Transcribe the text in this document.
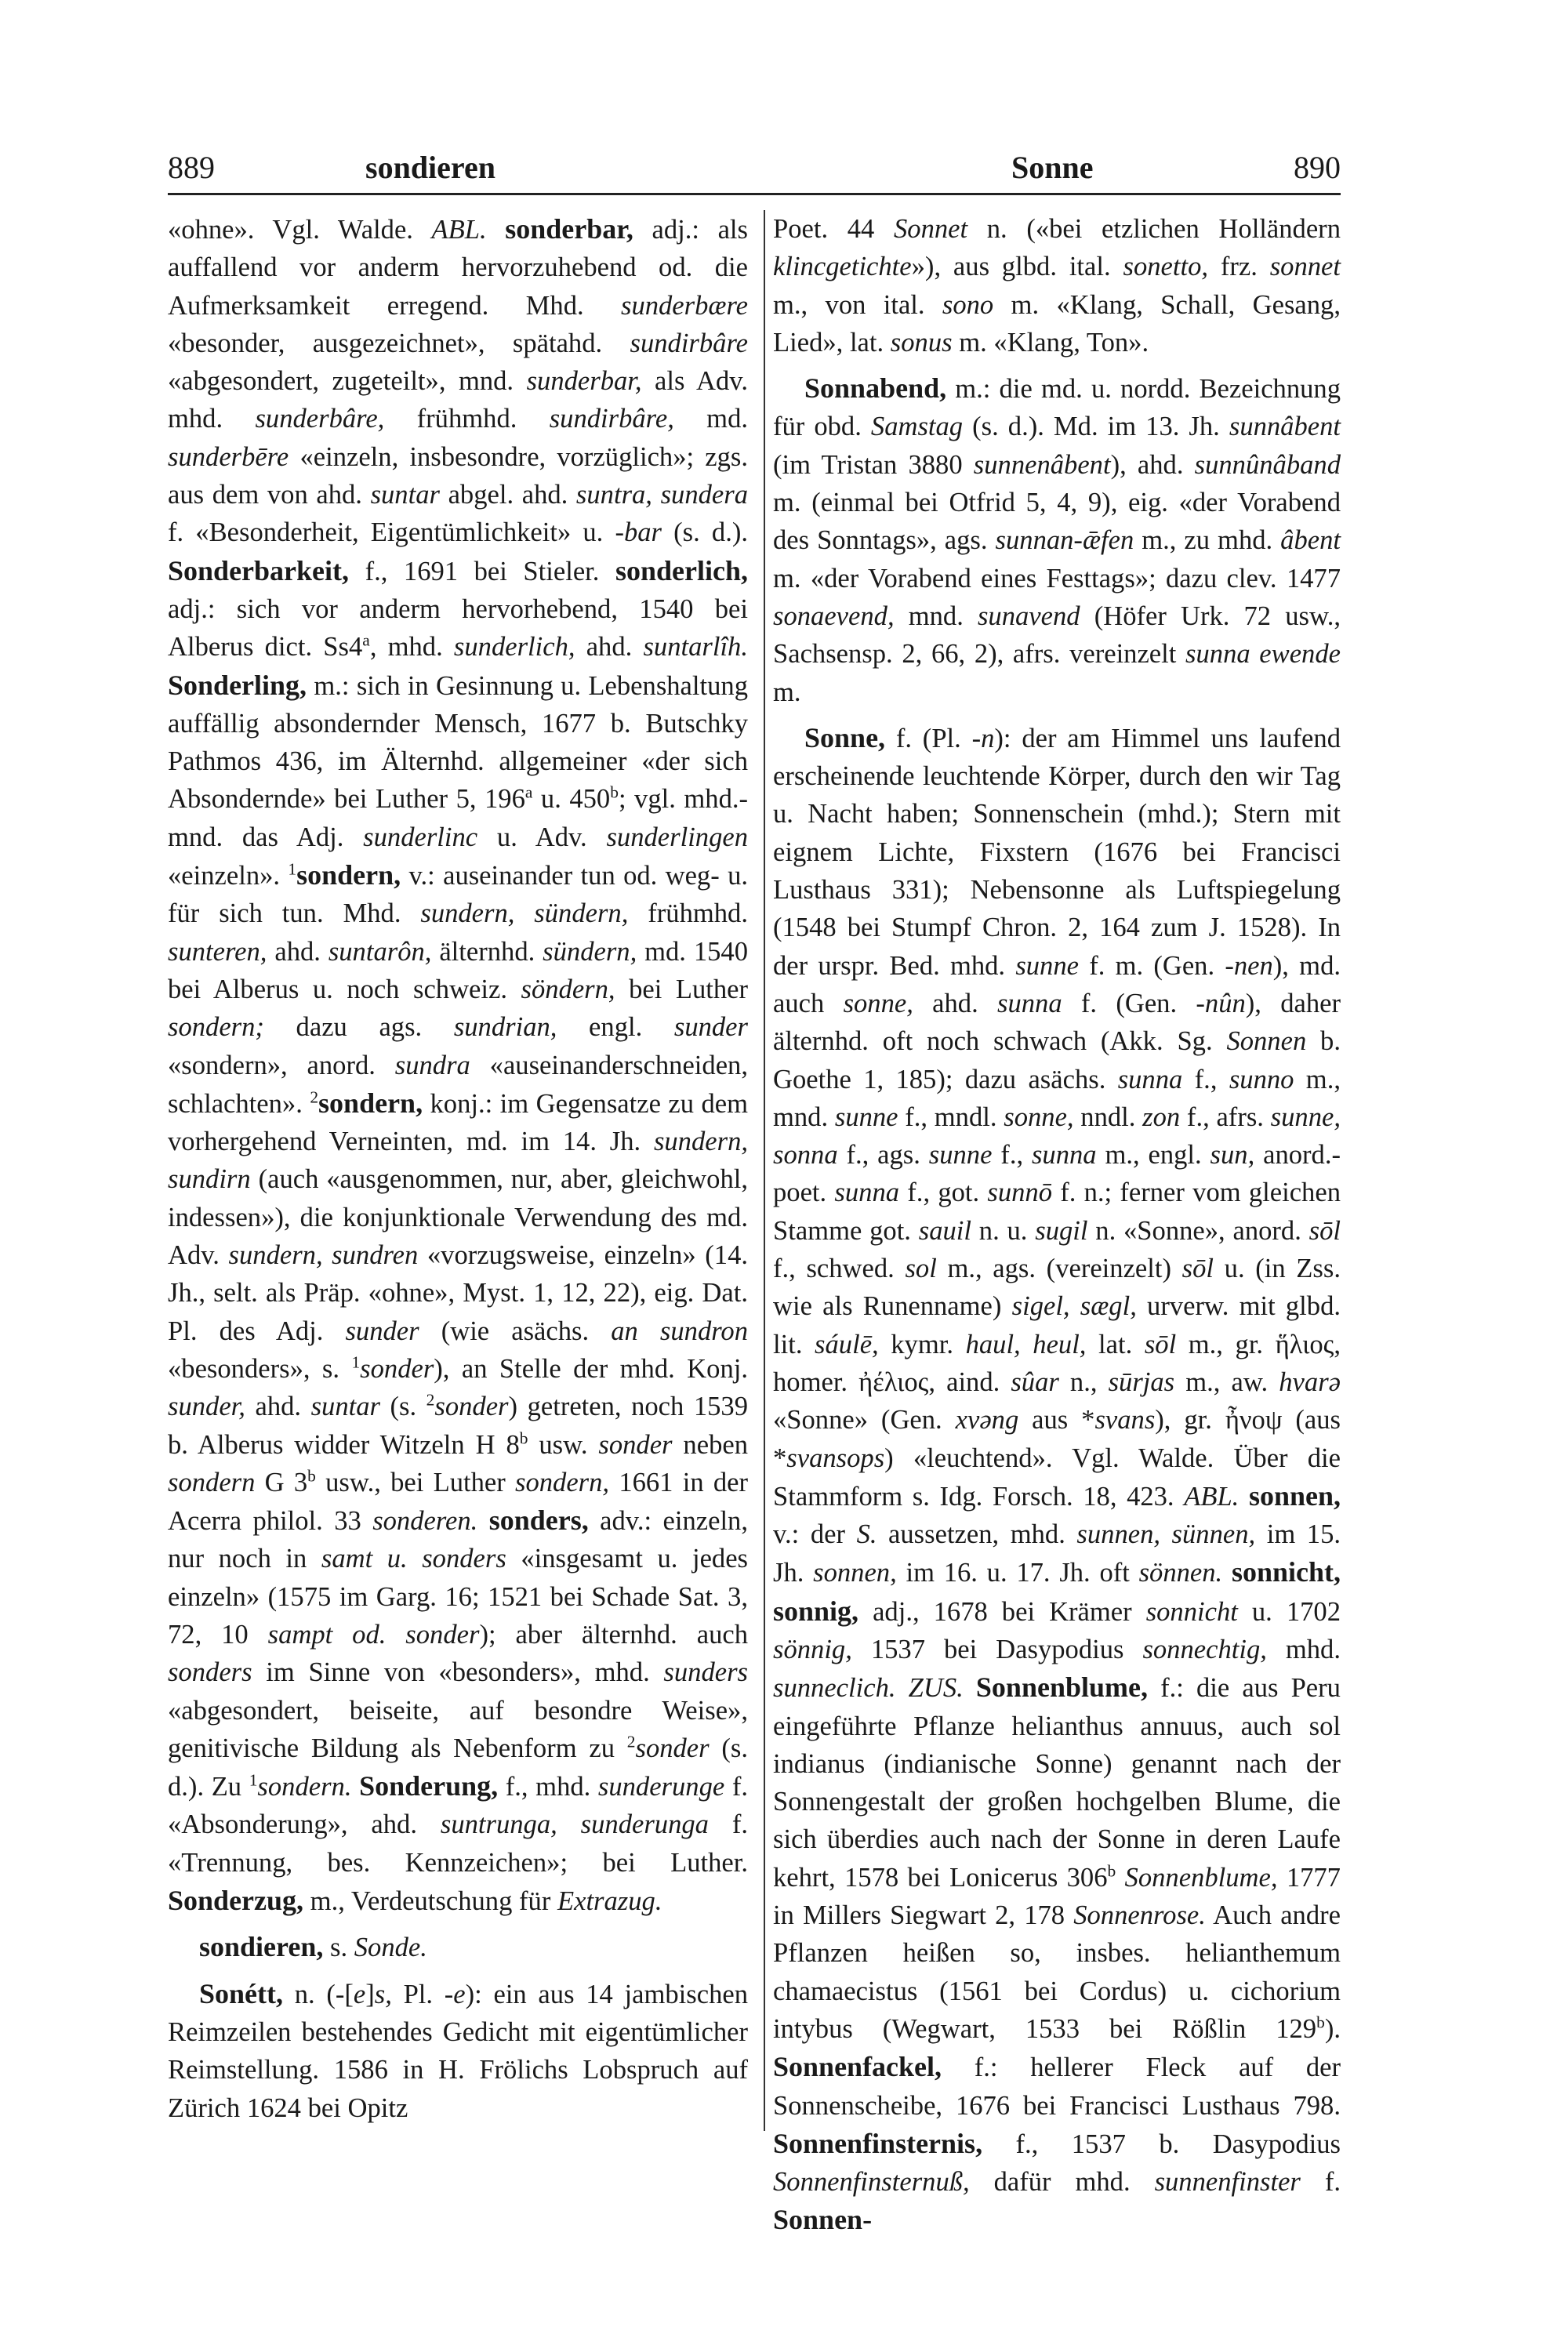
889	sondieren	Sonne	890

«ohne». Vgl. Walde. ABL. sonderbar, adj.: als auffallend vor anderm hervorzuhebend od. die Aufmerksamkeit erregend. Mhd. sunderbære «besonder, ausgezeichnet», spätahd. sundirbâre «abgesondert, zugeteilt», mnd. sunderbar, als Adv. mhd. sunderbâre, frühmhd. sundirbâre, md. sunderbēre «einzeln, insbesondre, vorzüglich»; zgs. aus dem von ahd. suntar abgel. ahd. suntra, sundera f. «Besonderheit, Eigentümlichkeit» u. -bar (s. d.). Sonderbarkeit, f., 1691 bei Stieler. sonderlich, adj.: sich vor anderm hervorhebend, 1540 bei Alberus dict. Ss4$^a$, mhd. sunderlich, ahd. suntarlîh. Sonderling, m.: sich in Gesinnung u. Lebenshaltung auffällig absondernder Mensch, 1677 b. Butschky Pathmos 436, im Älternhd. allgemeiner «der sich Absondernde» bei Luther 5, 196$^a$ u. 450$^b$; vgl. mhd.-mnd. das Adj. sunderlinc u. Adv. sunderlingen «einzeln». $^1$sondern, v.: auseinander tun od. weg- u. für sich tun. Mhd. sundern, sündern, frühmhd. sunteren, ahd. suntarôn, älternhd. sündern, md. 1540 bei Alberus u. noch schweiz. söndern, bei Luther sondern; dazu ags. sundrian, engl. sunder «sondern», anord. sundra «auseinanderschneiden, schlachten». $^2$sondern, konj.: im Gegensatze zu dem vorhergehend Verneinten, md. im 14. Jh. sundern, sundirn (auch «ausgenommen, nur, aber, gleichwohl, indessen»), die konjunktionale Verwendung des md. Adv. sundern, sundren «vorzugsweise, einzeln» (14. Jh., selt. als Präp. «ohne», Myst. 1, 12, 22), eig. Dat. Pl. des Adj. sunder (wie asächs. an sundron «besonders», s. $^1$sonder), an Stelle der mhd. Konj. sunder, ahd. suntar (s. $^2$sonder) getreten, noch 1539 b. Alberus widder Witzeln H 8$^b$ usw. sonder neben sondern G 3$^b$ usw., bei Luther sondern, 1661 in der Acerra philol. 33 sonderen. sonders, adv.: einzeln, nur noch in samt u. sonders «insgesamt u. jedes einzeln» (1575 im Garg. 16; 1521 bei Schade Sat. 3, 72, 10 sampt od. sonder); aber älternhd. auch sonders im Sinne von «besonders», mhd. sunders «abgesondert, beiseite, auf besondre Weise», genitivische Bildung als Nebenform zu $^2$sonder (s. d.). Zu $^1$sondern. Sonderung, f., mhd. sunderunge f. «Absonderung», ahd. suntrunga, sunderunga f. «Trennung, bes. Kennzeichen»; bei Luther. Sonderzug, m., Verdeutschung für Extrazug.

sondieren, s. Sonde.

Sonétt, n. (-[e]s, Pl. -e): ein aus 14 jambischen Reimzeilen bestehendes Gedicht mit eigentümlicher Reimstellung. 1586 in H. Frölichs Lobspruch auf Zürich 1624 bei Opitz

Poet. 44 Sonnet n. («bei etzlichen Holländern klincgetichte»), aus glbd. ital. sonetto, frz. sonnet m., von ital. sono m. «Klang, Schall, Gesang, Lied», lat. sonus m. «Klang, Ton».

Sonnabend, m.: die md. u. nordd. Bezeichnung für obd. Samstag (s. d.). Md. im 13. Jh. sunnâbent (im Tristan 3880 sunnenâbent), ahd. sunnûnâband m. (einmal bei Otfrid 5, 4, 9), eig. «der Vorabend des Sonntags», ags. sunnan-ǣfen m., zu mhd. âbent m. «der Vorabend eines Festtags»; dazu clev. 1477 sonaevend, mnd. sunavend (Höfer Urk. 72 usw., Sachsensp. 2, 66, 2), afrs. vereinzelt sunna ewende m.

Sonne, f. (Pl. -n): der am Himmel uns laufend erscheinende leuchtende Körper, durch den wir Tag u. Nacht haben; Sonnenschein (mhd.); Stern mit eignem Lichte, Fixstern (1676 bei Francisci Lusthaus 331); Nebensonne als Luftspiegelung (1548 bei Stumpf Chron. 2, 164 zum J. 1528). In der urspr. Bed. mhd. sunne f. m. (Gen. -nen), md. auch sonne, ahd. sunna f. (Gen. -nûn), daher älternhd. oft noch schwach (Akk. Sg. Sonnen b. Goethe 1, 185); dazu asächs. sunna f., sunno m., mnd. sunne f., mndl. sonne, nndl. zon f., afrs. sunne, sonna f., ags. sunne f., sunna m., engl. sun, anord.-poet. sunna f., got. sunnō f. n.; ferner vom gleichen Stamme got. sauil n. u. sugil n. «Sonne», anord. sōl f., schwed. sol m., ags. (vereinzelt) sōl u. (in Zss. wie als Runenname) sigel, sægl, urverw. mit glbd. lit. sáulē, kymr. haul, heul, lat. sōl m., gr. ἥλιος, homer. ἠέλιος, aind. sûar n., sūrjas m., aw. hvarə «Sonne» (Gen. xvəng aus *svans), gr. ἦνοψ (aus *svansops) «leuchtend». Vgl. Walde. Über die Stammform s. Idg. Forsch. 18, 423. ABL. sonnen, v.: der S. aussetzen, mhd. sunnen, sünnen, im 15. Jh. sonnen, im 16. u. 17. Jh. oft sönnen. sonnicht, sonnig, adj., 1678 bei Krämer sonnicht u. 1702 sönnig, 1537 bei Dasypodius sonnechtig, mhd. sunneclich. ZUS. Sonnenblume, f.: die aus Peru eingeführte Pflanze helianthus annuus, auch sol indianus (indianische Sonne) genannt nach der Sonnengestalt der großen hochgelben Blume, die sich überdies auch nach der Sonne in deren Laufe kehrt, 1578 bei Lonicerus 306$^b$ Sonnenblume, 1777 in Millers Siegwart 2, 178 Sonnenrose. Auch andre Pflanzen heißen so, insbes. helianthemum chamaecistus (1561 bei Cordus) u. cichorium intybus (Wegwart, 1533 bei Rößlin 129$^b$). Sonnenfackel, f.: hellerer Fleck auf der Sonnenscheibe, 1676 bei Francisci Lusthaus 798. Sonnenfinsternis, f., 1537 b. Dasypodius Sonnenfinsternuß, dafür mhd. sunnenfinster f. Sonnen-
